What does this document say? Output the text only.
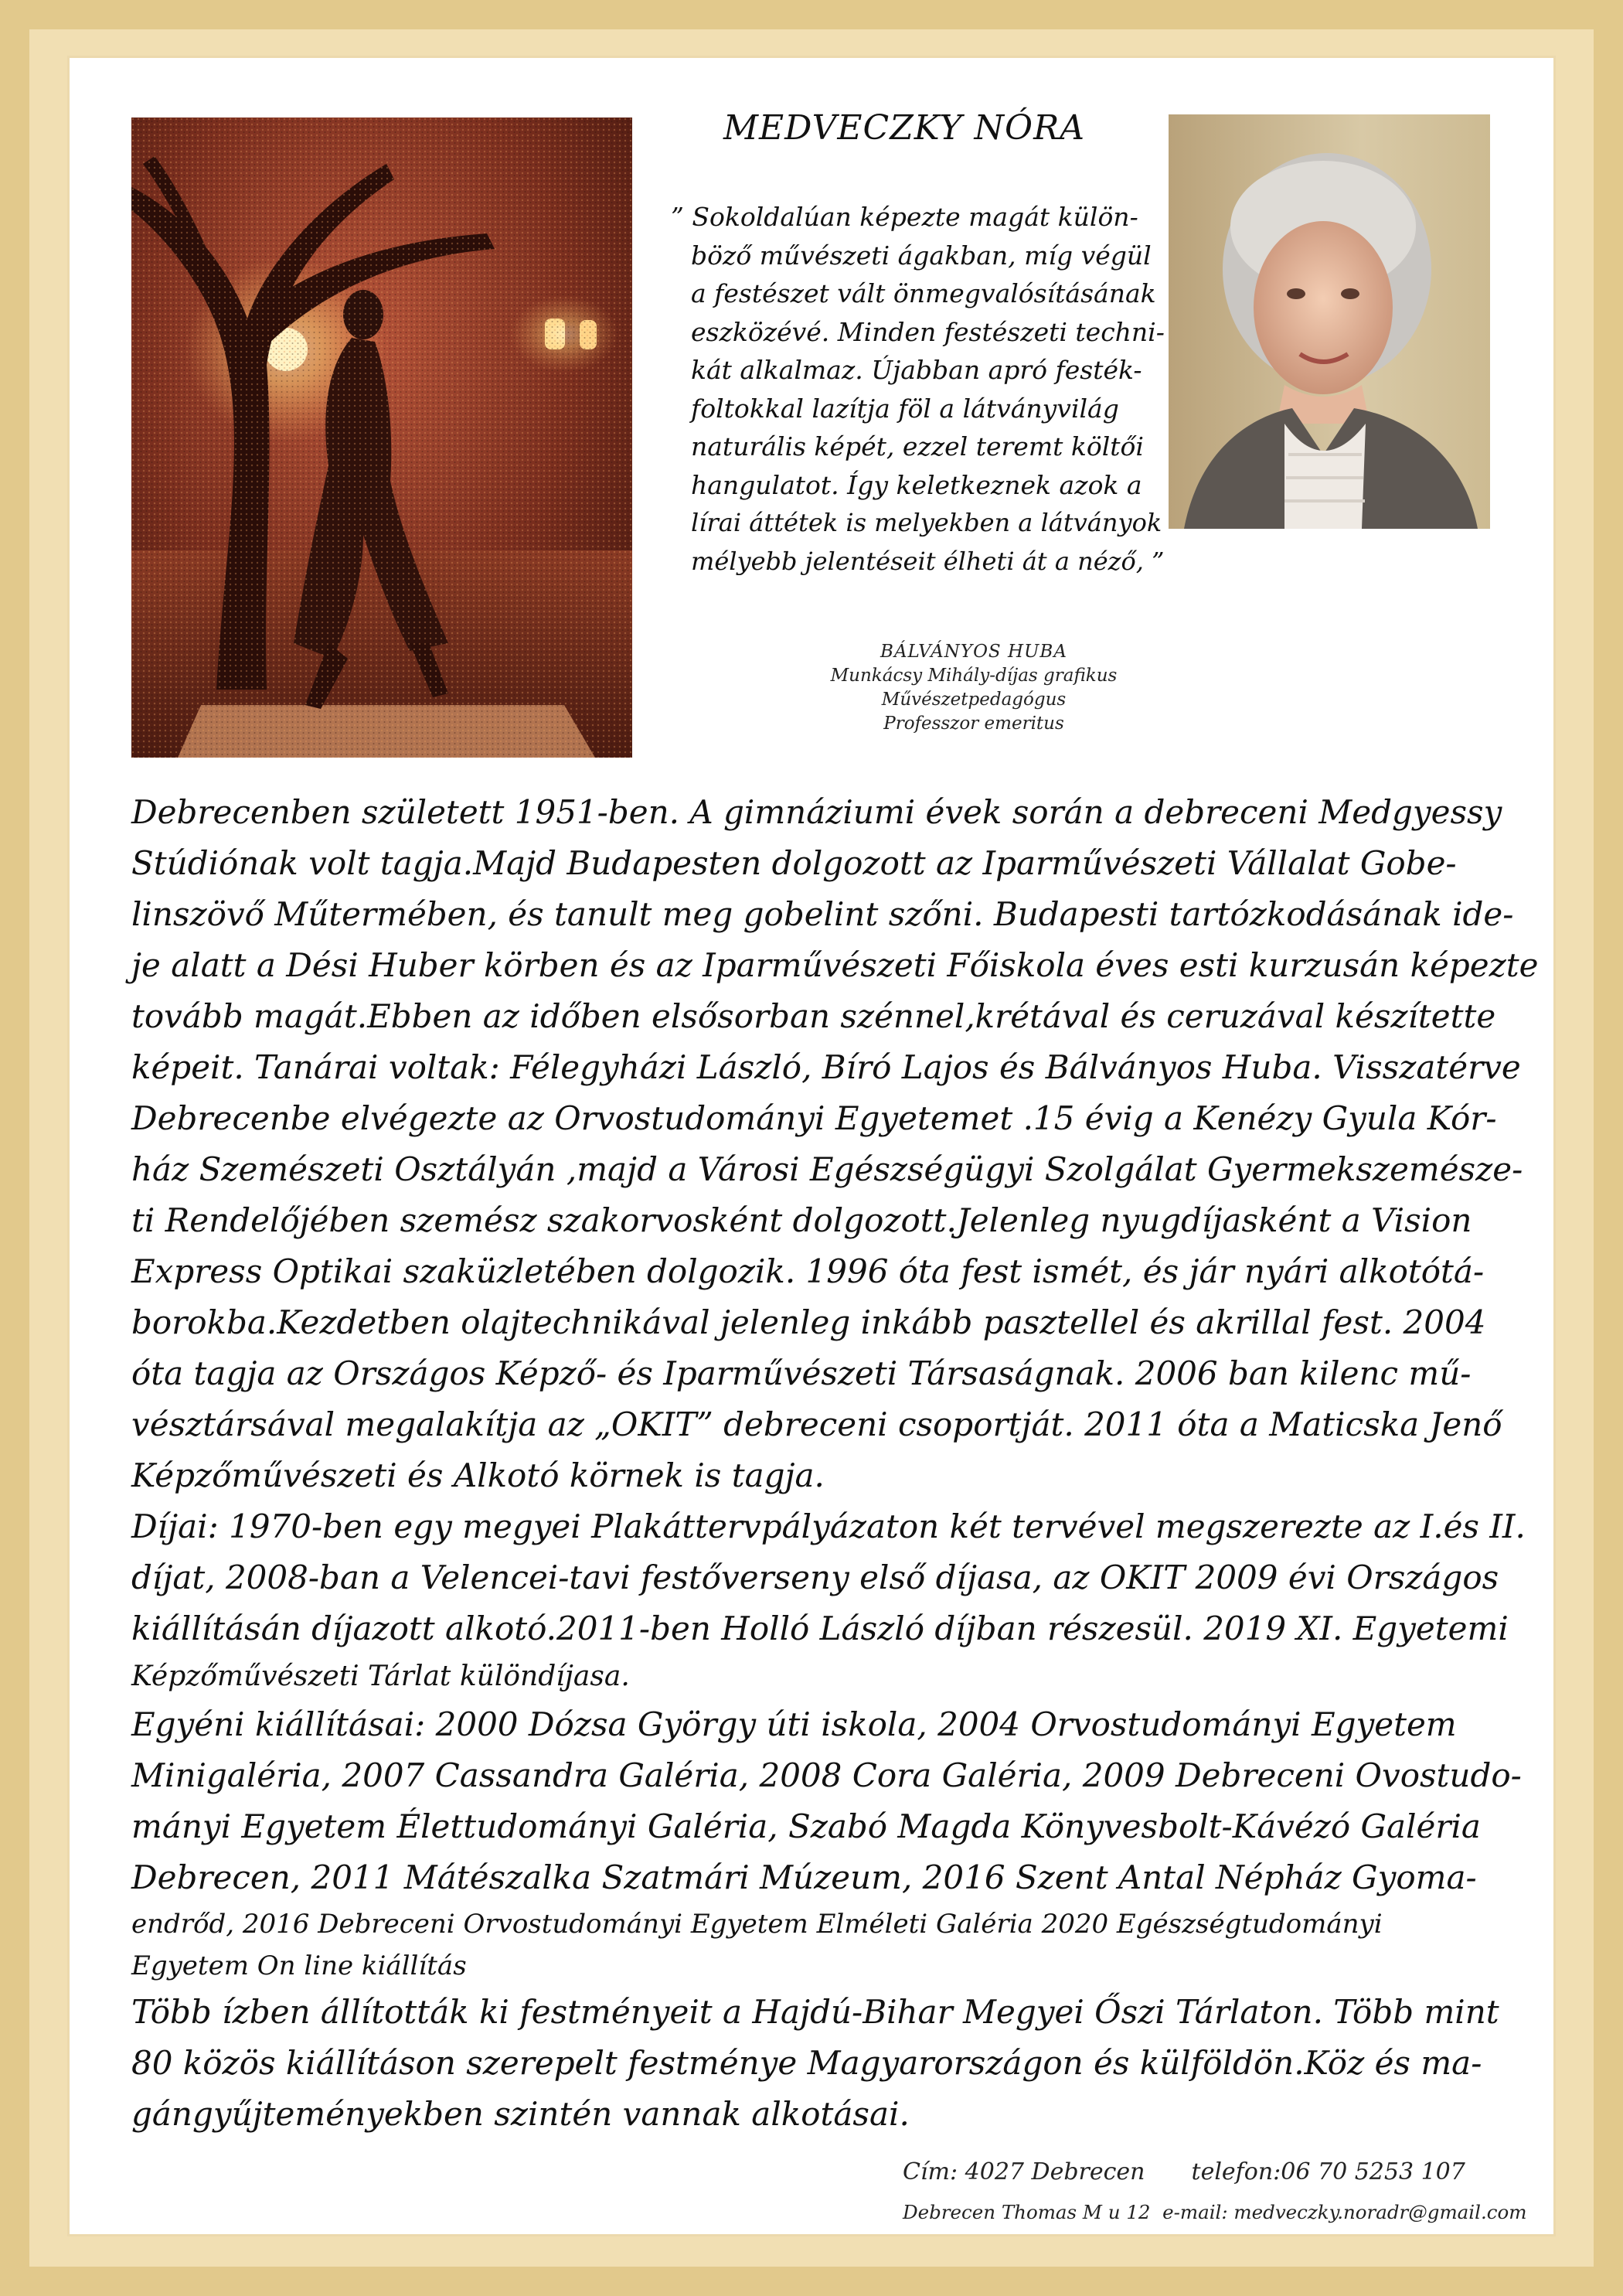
MEDVECZKY NÓRA
” Sokoldalúan képezte magát külön-
böző művészeti ágakban, míg végül
a festészet vált önmegvalósításának
eszközévé. Minden festészeti techni-
kát alkalmaz. Újabban apró festék-
foltokkal lazítja föl a látványvilág
naturális képét, ezzel teremt költői
hangulatot. Így keletkeznek azok a
lírai áttétek is melyekben a látványok
mélyebb jelentéseit élheti át a néző, ”
BÁLVÁNYOS HUBA
Munkácsy Mihály-díjas grafikus
Művészetpedagógus
Professzor emeritus
Debrecenben született 1951-ben. A gimnáziumi évek során a debreceni Medgyessy
Stúdiónak volt tagja.Majd Budapesten dolgozott az Iparművészeti Vállalat Gobe-
linszövő Műtermében, és tanult meg gobelint szőni. Budapesti tartózkodásának ide-
je alatt a Dési Huber körben és az Iparművészeti Főiskola éves esti kurzusán képezte
tovább magát.Ebben az időben elsősorban szénnel,krétával és ceruzával készítette
képeit. Tanárai voltak: Félegyházi László, Bíró Lajos és Bálványos Huba. Visszatérve
Debrecenbe elvégezte az Orvostudományi Egyetemet .15 évig a Kenézy Gyula Kór-
ház Szemészeti Osztályán ,majd a Városi Egészségügyi Szolgálat Gyermekszemésze-
ti Rendelőjében szemész szakorvosként dolgozott.Jelenleg nyugdíjasként a Vision
Express Optikai szaküzletében dolgozik. 1996 óta fest ismét, és jár nyári alkotótá-
borokba.Kezdetben olajtechnikával jelenleg inkább pasztellel és akrillal fest. 2004
óta tagja az Országos Képző- és Iparművészeti Társaságnak. 2006 ban kilenc mű-
vésztársával megalakítja az „OKIT” debreceni csoportját. 2011 óta a Maticska Jenő
Képzőművészeti és Alkotó körnek is tagja.
Díjai: 1970-ben egy megyei Plakáttervpályázaton két tervével megszerezte az I.és II.
díjat, 2008-ban a Velencei-tavi festőverseny első díjasa, az OKIT 2009 évi Országos
kiállításán díjazott alkotó.2011-ben Holló László díjban részesül. 2019 XI. Egyetemi
Képzőművészeti Tárlat különdíjasa.
Egyéni kiállításai: 2000 Dózsa György úti iskola, 2004 Orvostudományi Egyetem
Minigaléria, 2007 Cassandra Galéria, 2008 Cora Galéria, 2009 Debreceni Ovostudo-
mányi Egyetem Élettudományi Galéria, Szabó Magda Könyvesbolt-Kávézó Galéria
Debrecen, 2011 Mátészalka Szatmári Múzeum, 2016 Szent Antal Népház Gyoma-
endrőd, 2016 Debreceni Orvostudományi Egyetem Elméleti Galéria 2020 Egészségtudományi
Egyetem On line kiállítás
Több ízben állították ki festményeit a Hajdú-Bihar Megyei Őszi Tárlaton. Több mint
80 közös kiállításon szerepelt festménye Magyarországon és külföldön.Köz és ma-
gángyűjteményekben szintén vannak alkotásai.
Cím: 4027 Debrecen telefon:06 70 5253 107
Debrecen Thomas M u 12 e-mail: medveczky.noradr@gmail.com
